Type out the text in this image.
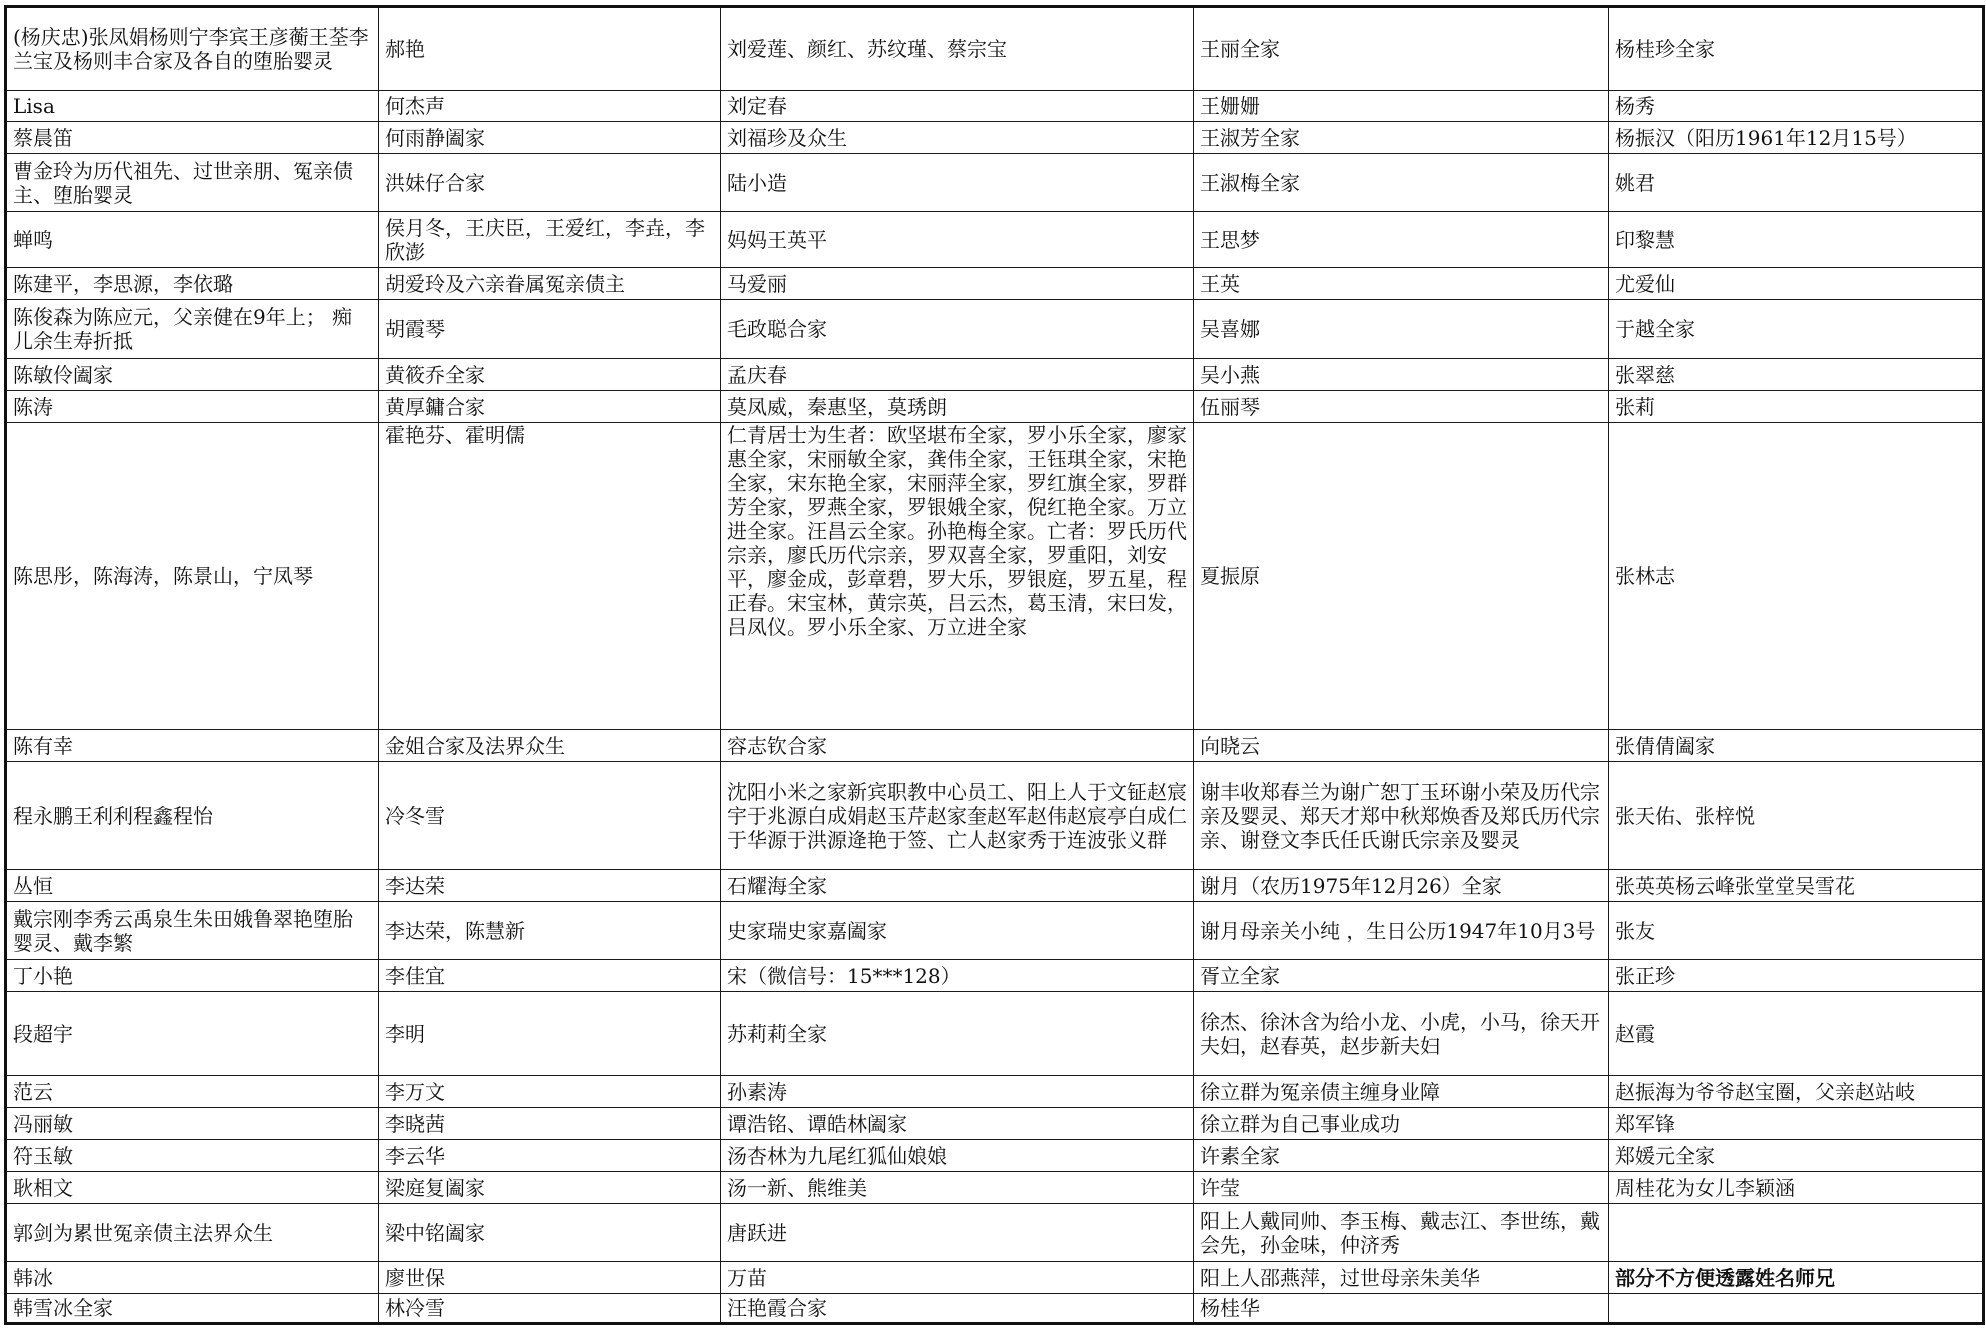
(杨庆忠)张凤娟杨则宁李宾王彦蘅王荃李兰宝及杨则丰合家及各自的堕胎婴灵	郝艳	刘爱莲、颜红、苏纹瑾、蔡宗宝	王丽全家	杨桂珍全家
Lisa	何杰声	刘定春	王姗姗	杨秀
蔡晨笛	何雨静阖家	刘福珍及众生	王淑芳全家	杨振汉（阳历1961年12月15号）
曹金玲为历代祖先、过世亲朋、冤亲债主、堕胎婴灵	洪妹仔合家	陆小造	王淑梅全家	姚君
蝉鸣	侯月冬，王庆臣，王爱红，李垚，李欣澎	妈妈王英平	王思梦	印黎慧
陈建平，李思源，李依璐	胡爱玲及六亲眷属冤亲债主	马爱丽	王英	尤爱仙
陈俊森为陈应元，父亲健在9年上； 痴儿余生寿折抵	胡霞琴	毛政聪合家	吴喜娜	于越全家
陈敏伶阖家	黄筱乔全家	孟庆春	吴小燕	张翠慈
陈涛	黄厚鏞合家	莫凤威，秦惠坚，莫琇朗	伍丽琴	张莉
陈思彤，陈海涛，陈景山，宁凤琴	霍艳芬、霍明儒	仁青居士为生者：欧坚堪布全家，罗小乐全家，廖家惠全家，宋丽敏全家，龚伟全家，王钰琪全家，宋艳全家，宋东艳全家，宋丽萍全家，罗红旗全家，罗群芳全家，罗燕全家，罗银娥全家，倪红艳全家。万立进全家。汪昌云全家。孙艳梅全家。亡者：罗氏历代宗亲，廖氏历代宗亲，罗双喜全家，罗重阳，刘安平，廖金成，彭章碧，罗大乐，罗银庭，罗五星，程正春。宋宝林，黄宗英，吕云杰，葛玉清，宋曰发，吕凤仪。罗小乐全家、万立进全家	夏振原	张林志
陈有幸	金姐合家及法界众生	容志钦合家	向晓云	张倩倩阖家
程永鹏王利利程鑫程怡	冷冬雪	沈阳小米之家新宾职教中心员工、阳上人于文钲赵宸宇于兆源白成娟赵玉芹赵家奎赵军赵伟赵宸亭白成仁于华源于洪源逄艳于签、亡人赵家秀于连波张义群	谢丰收郑春兰为谢广恕丁玉环谢小荣及历代宗亲及婴灵、郑天才郑中秋郑焕香及郑氏历代宗亲、谢登文李氏任氏谢氏宗亲及婴灵	张天佑、张梓悦
丛恒	李达荣	石耀海全家	谢月（农历1975年12月26）全家	张英英杨云峰张堂堂吴雪花
戴宗刚李秀云禹泉生朱田娥鲁翠艳堕胎婴灵、戴李繁	李达荣，陈慧新	史家瑞史家嘉阖家	谢月母亲关小纯 ，生日公历1947年10月3号	张友
丁小艳	李佳宜	宋（微信号：15***128）	胥立全家	张正珍
段超宇	李明	苏莉莉全家	徐杰、徐沐含为给小龙、小虎，小马，徐天开夫妇，赵春英，赵步新夫妇	赵霞
范云	李万文	孙素涛	徐立群为冤亲债主缠身业障	赵振海为爷爷赵宝圈，父亲赵站岐
冯丽敏	李晓茜	谭浩铭、谭皓林阖家	徐立群为自己事业成功	郑军锋
符玉敏	李云华	汤杏林为九尾红狐仙娘娘	许素全家	郑媛元全家
耿相文	梁庭复阖家	汤一新、熊维美	许莹	周桂花为女儿李颖涵
郭剑为累世冤亲债主法界众生	梁中铭阖家	唐跃进	阳上人戴同帅、李玉梅、戴志江、李世练，戴会先，孙金味，仲济秀	
韩冰	廖世保	万苗	阳上人邵燕萍，过世母亲朱美华	部分不方便透露姓名师兄
韩雪冰全家	林冷雪	汪艳霞合家	杨桂华	
